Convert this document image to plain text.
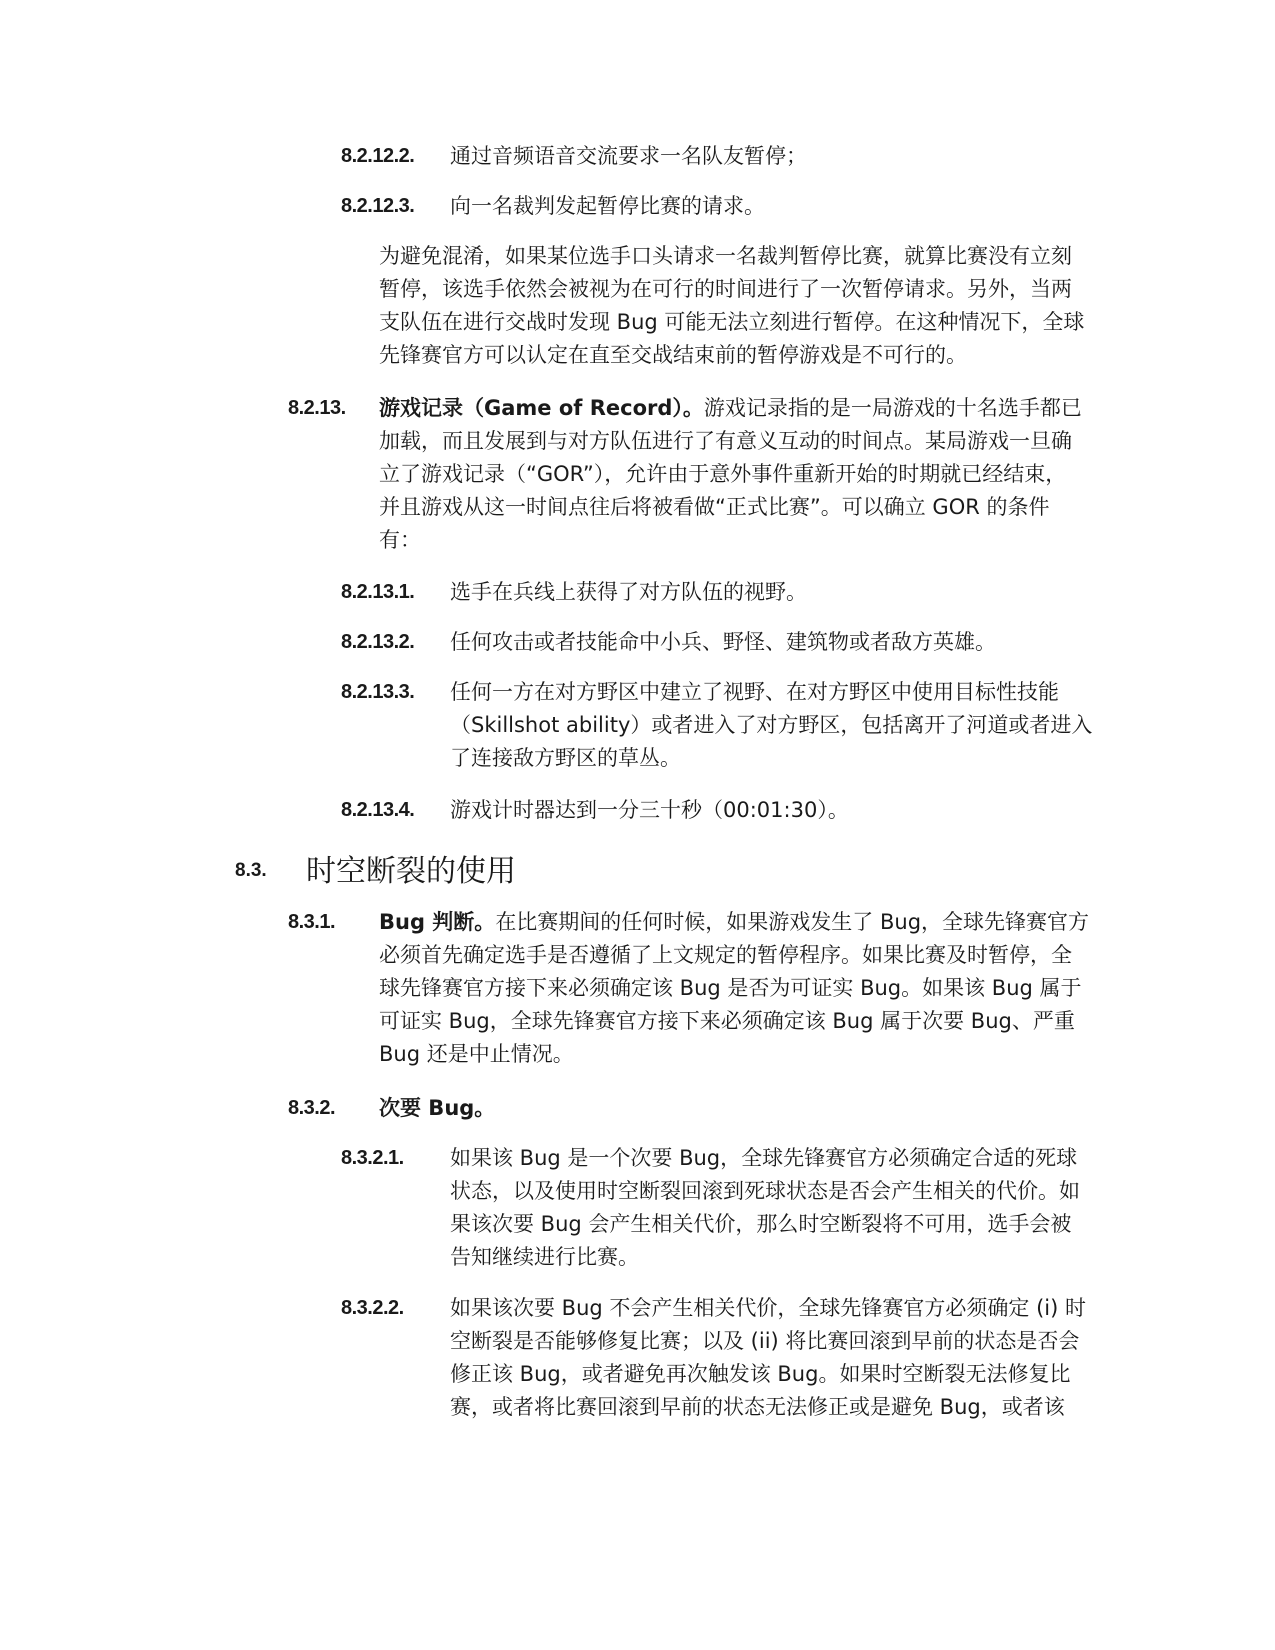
8.2.12.2. 通过音频语音交流要求一名队友暂停；
8.2.12.3. 向一名裁判发起暂停比赛的请求。
为避免混淆，如果某位选手口头请求一名裁判暂停比赛，就算比赛没有立刻
暂停，该选手依然会被视为在可行的时间进行了一次暂停请求。另外，当两
支队伍在进行交战时发现 Bug 可能无法立刻进行暂停。在这种情况下，全球
先锋赛官方可以认定在直至交战结束前的暂停游戏是不可行的。
8.2.13. 游戏记录（Game of Record）。游戏记录指的是一局游戏的十名选手都已
加载，而且发展到与对方队伍进行了有意义互动的时间点。某局游戏一旦确
立了游戏记录（“GOR”），允许由于意外事件重新开始的时期就已经结束，
并且游戏从这一时间点往后将被看做“正式比赛”。可以确立 GOR 的条件
有：
8.2.13.1. 选手在兵线上获得了对方队伍的视野。
8.2.13.2. 任何攻击或者技能命中小兵、野怪、建筑物或者敌方英雄。
8.2.13.3. 任何一方在对方野区中建立了视野、在对方野区中使用目标性技能
（Skillshot ability）或者进入了对方野区，包括离开了河道或者进入
了连接敌方野区的草丛。
8.2.13.4. 游戏计时器达到一分三十秒（00:01:30）。
8.3. 时空断裂的使用
8.3.1. Bug 判断。在比赛期间的任何时候，如果游戏发生了 Bug，全球先锋赛官方
必须首先确定选手是否遵循了上文规定的暂停程序。如果比赛及时暂停，全
球先锋赛官方接下来必须确定该 Bug 是否为可证实 Bug。如果该 Bug 属于
可证实 Bug，全球先锋赛官方接下来必须确定该 Bug 属于次要 Bug、严重
Bug 还是中止情况。
8.3.2. 次要 Bug。
8.3.2.1. 如果该 Bug 是一个次要 Bug，全球先锋赛官方必须确定合适的死球
状态，以及使用时空断裂回滚到死球状态是否会产生相关的代价。如
果该次要 Bug 会产生相关代价，那么时空断裂将不可用，选手会被
告知继续进行比赛。
8.3.2.2. 如果该次要 Bug 不会产生相关代价，全球先锋赛官方必须确定 (i) 时
空断裂是否能够修复比赛；以及 (ii) 将比赛回滚到早前的状态是否会
修正该 Bug，或者避免再次触发该 Bug。如果时空断裂无法修复比
赛，或者将比赛回滚到早前的状态无法修正或是避免 Bug，或者该
